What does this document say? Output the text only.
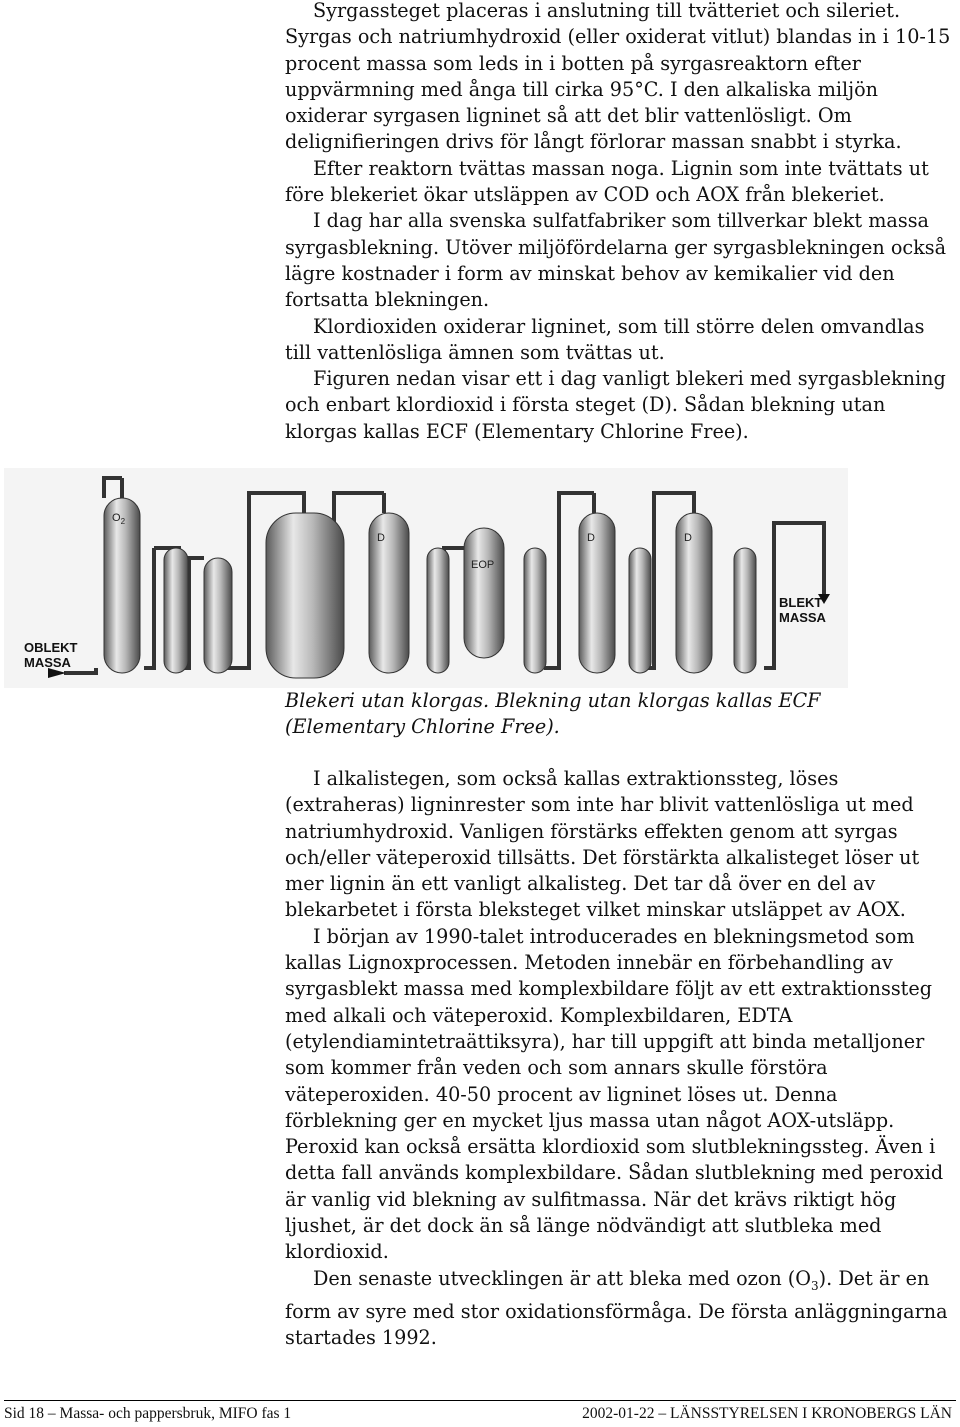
Syrgassteget placeras i anslutning till tvätteriet och sileriet. Syrgas och natriumhydroxid (eller oxiderat vitlut) blandas in i 10-15 procent massa som leds in i botten på syrgasreaktorn efter uppvärmning med ånga till cirka 95°C. I den alkaliska miljön oxiderar syrgasen ligninet så att det blir vattenlösligt. Om delignifieringen drivs för långt förlorar massan snabbt i styrka.

Efter reaktorn tvättas massan noga. Lignin som inte tvättats ut före blekeriet ökar utsläppen av COD och AOX från blekeriet.

I dag har alla svenska sulfatfabriker som tillverkar blekt massa syrgasblekning. Utöver miljöfördelarna ger syrgasblekningen också lägre kostnader i form av minskat behov av kemikalier vid den fortsatta blekningen.

Klordioxiden oxiderar ligninet, som till större delen omvandlas till vattenlösliga ämnen som tvättas ut.

Figuren nedan visar ett i dag vanligt blekeri med syrgasblekning och enbart klordioxid i första steget (D). Sådan blekning utan klorgas kallas ECF (Elementary Chlorine Free).

$O_2$
D
EOP
D	D
OBLEKT
MASSA
BLEKT
MASSA
Blekeri utan klorgas. Blekning utan klorgas kallas ECF (Elementary Chlorine Free).

I alkalistegen, som också kallas extraktionssteg, löses (extraheras) ligninrester som inte har blivit vattenlösliga ut med natriumhydroxid. Vanligen förstärks effekten genom att syrgas och/eller väteperoxid tillsätts. Det förstärkta alkalisteget löser ut mer lignin än ett vanligt alkalisteg. Det tar då över en del av blekarbetet i första bleksteget vilket minskar utsläppet av AOX.

I början av 1990-talet introducerades en blekningsmetod som kallas Lignoxprocessen. Metoden innebär en förbehandling av syrgasblekt massa med komplexbildare följt av ett extraktionssteg med alkali och väteperoxid. Komplexbildaren, EDTA (etylendiamintetraättiksyra), har till uppgift att binda metalljoner som kommer från veden och som annars skulle förstöra väteperoxiden. 40-50 procent av ligninet löses ut. Denna förblekning ger en mycket ljus massa utan något AOX-utsläpp. Peroxid kan också ersätta klordioxid som slutblekningssteg. Även i detta fall används komplexbildare. Sådan slutblekning med peroxid är vanlig vid blekning av sulfitmassa. När det krävs riktigt hög ljushet, är det dock än så länge nödvändigt att slutbleka med klordioxid.

Den senaste utvecklingen är att bleka med ozon $(O_3)$. Det är en form av syre med stor oxidationsförmåga. De första anläggningarna startades 1992.

Sid 18 – Massa- och pappersbruk, MIFO fas 1	2002-01-22 – LÄNSSTYRELSEN I KRONOBERGS LÄN
